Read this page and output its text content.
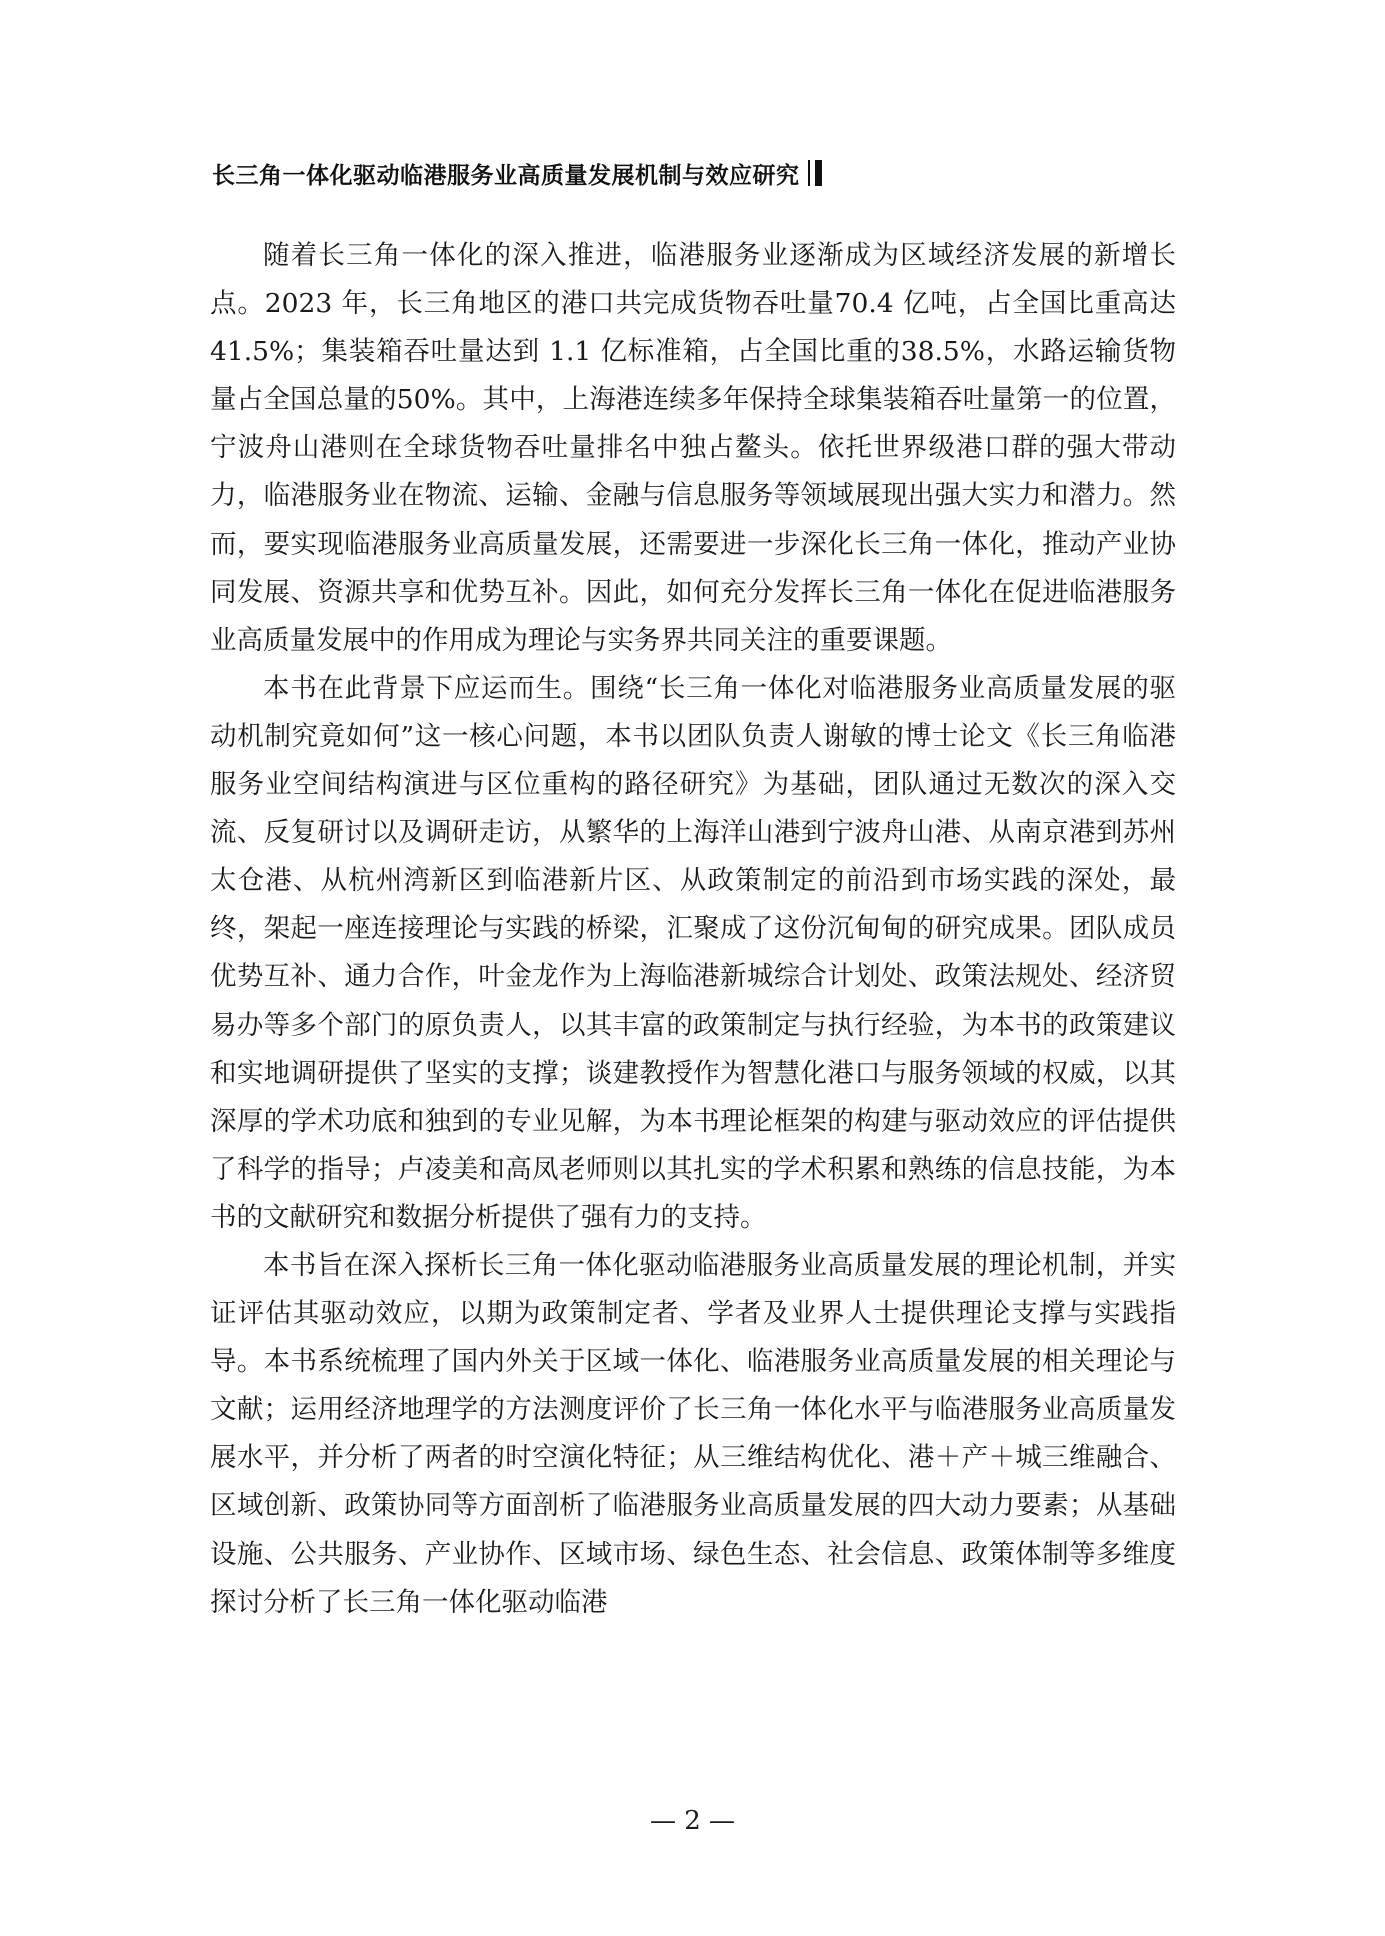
长三角一体化驱动临港服务业高质量发展机制与效应研究

随着长三角一体化的深入推进，临港服务业逐渐成为区域经济发展的新增长点。2023 年，长三角地区的港口共完成货物吞吐量70.4 亿吨，占全国比重高达 41.5%；集装箱吞吐量达到 1.1 亿标准箱，占全国比重的38.5%，水路运输货物量占全国总量的50%。其中，上海港连续多年保持全球集装箱吞吐量第一的位置，宁波舟山港则在全球货物吞吐量排名中独占鳌头。依托世界级港口群的强大带动力，临港服务业在物流、运输、金融与信息服务等领域展现出强大实力和潜力。然而，要实现临港服务业高质量发展，还需要进一步深化长三角一体化，推动产业协同发展、资源共享和优势互补。因此，如何充分发挥长三角一体化在促进临港服务业高质量发展中的作用成为理论与实务界共同关注的重要课题。

本书在此背景下应运而生。围绕“长三角一体化对临港服务业高质量发展的驱动机制究竟如何”这一核心问题，本书以团队负责人谢敏的博士论文《长三角临港服务业空间结构演进与区位重构的路径研究》为基础，团队通过无数次的深入交流、反复研讨以及调研走访，从繁华的上海洋山港到宁波舟山港、从南京港到苏州太仓港、从杭州湾新区到临港新片区、从政策制定的前沿到市场实践的深处，最终，架起一座连接理论与实践的桥梁，汇聚成了这份沉甸甸的研究成果。团队成员优势互补、通力合作，叶金龙作为上海临港新城综合计划处、政策法规处、经济贸易办等多个部门的原负责人，以其丰富的政策制定与执行经验，为本书的政策建议和实地调研提供了坚实的支撑；谈建教授作为智慧化港口与服务领域的权威，以其深厚的学术功底和独到的专业见解，为本书理论框架的构建与驱动效应的评估提供了科学的指导；卢凌美和高凤老师则以其扎实的学术积累和熟练的信息技能，为本书的文献研究和数据分析提供了强有力的支持。

本书旨在深入探析长三角一体化驱动临港服务业高质量发展的理论机制，并实证评估其驱动效应，以期为政策制定者、学者及业界人士提供理论支撑与实践指导。本书系统梳理了国内外关于区域一体化、临港服务业高质量发展的相关理论与文献；运用经济地理学的方法测度评价了长三角一体化水平与临港服务业高质量发展水平，并分析了两者的时空演化特征；从三维结构优化、港＋产＋城三维融合、区域创新、政策协同等方面剖析了临港服务业高质量发展的四大动力要素；从基础设施、公共服务、产业协作、区域市场、绿色生态、社会信息、政策体制等多维度探讨分析了长三角一体化驱动临港

— 2 —
